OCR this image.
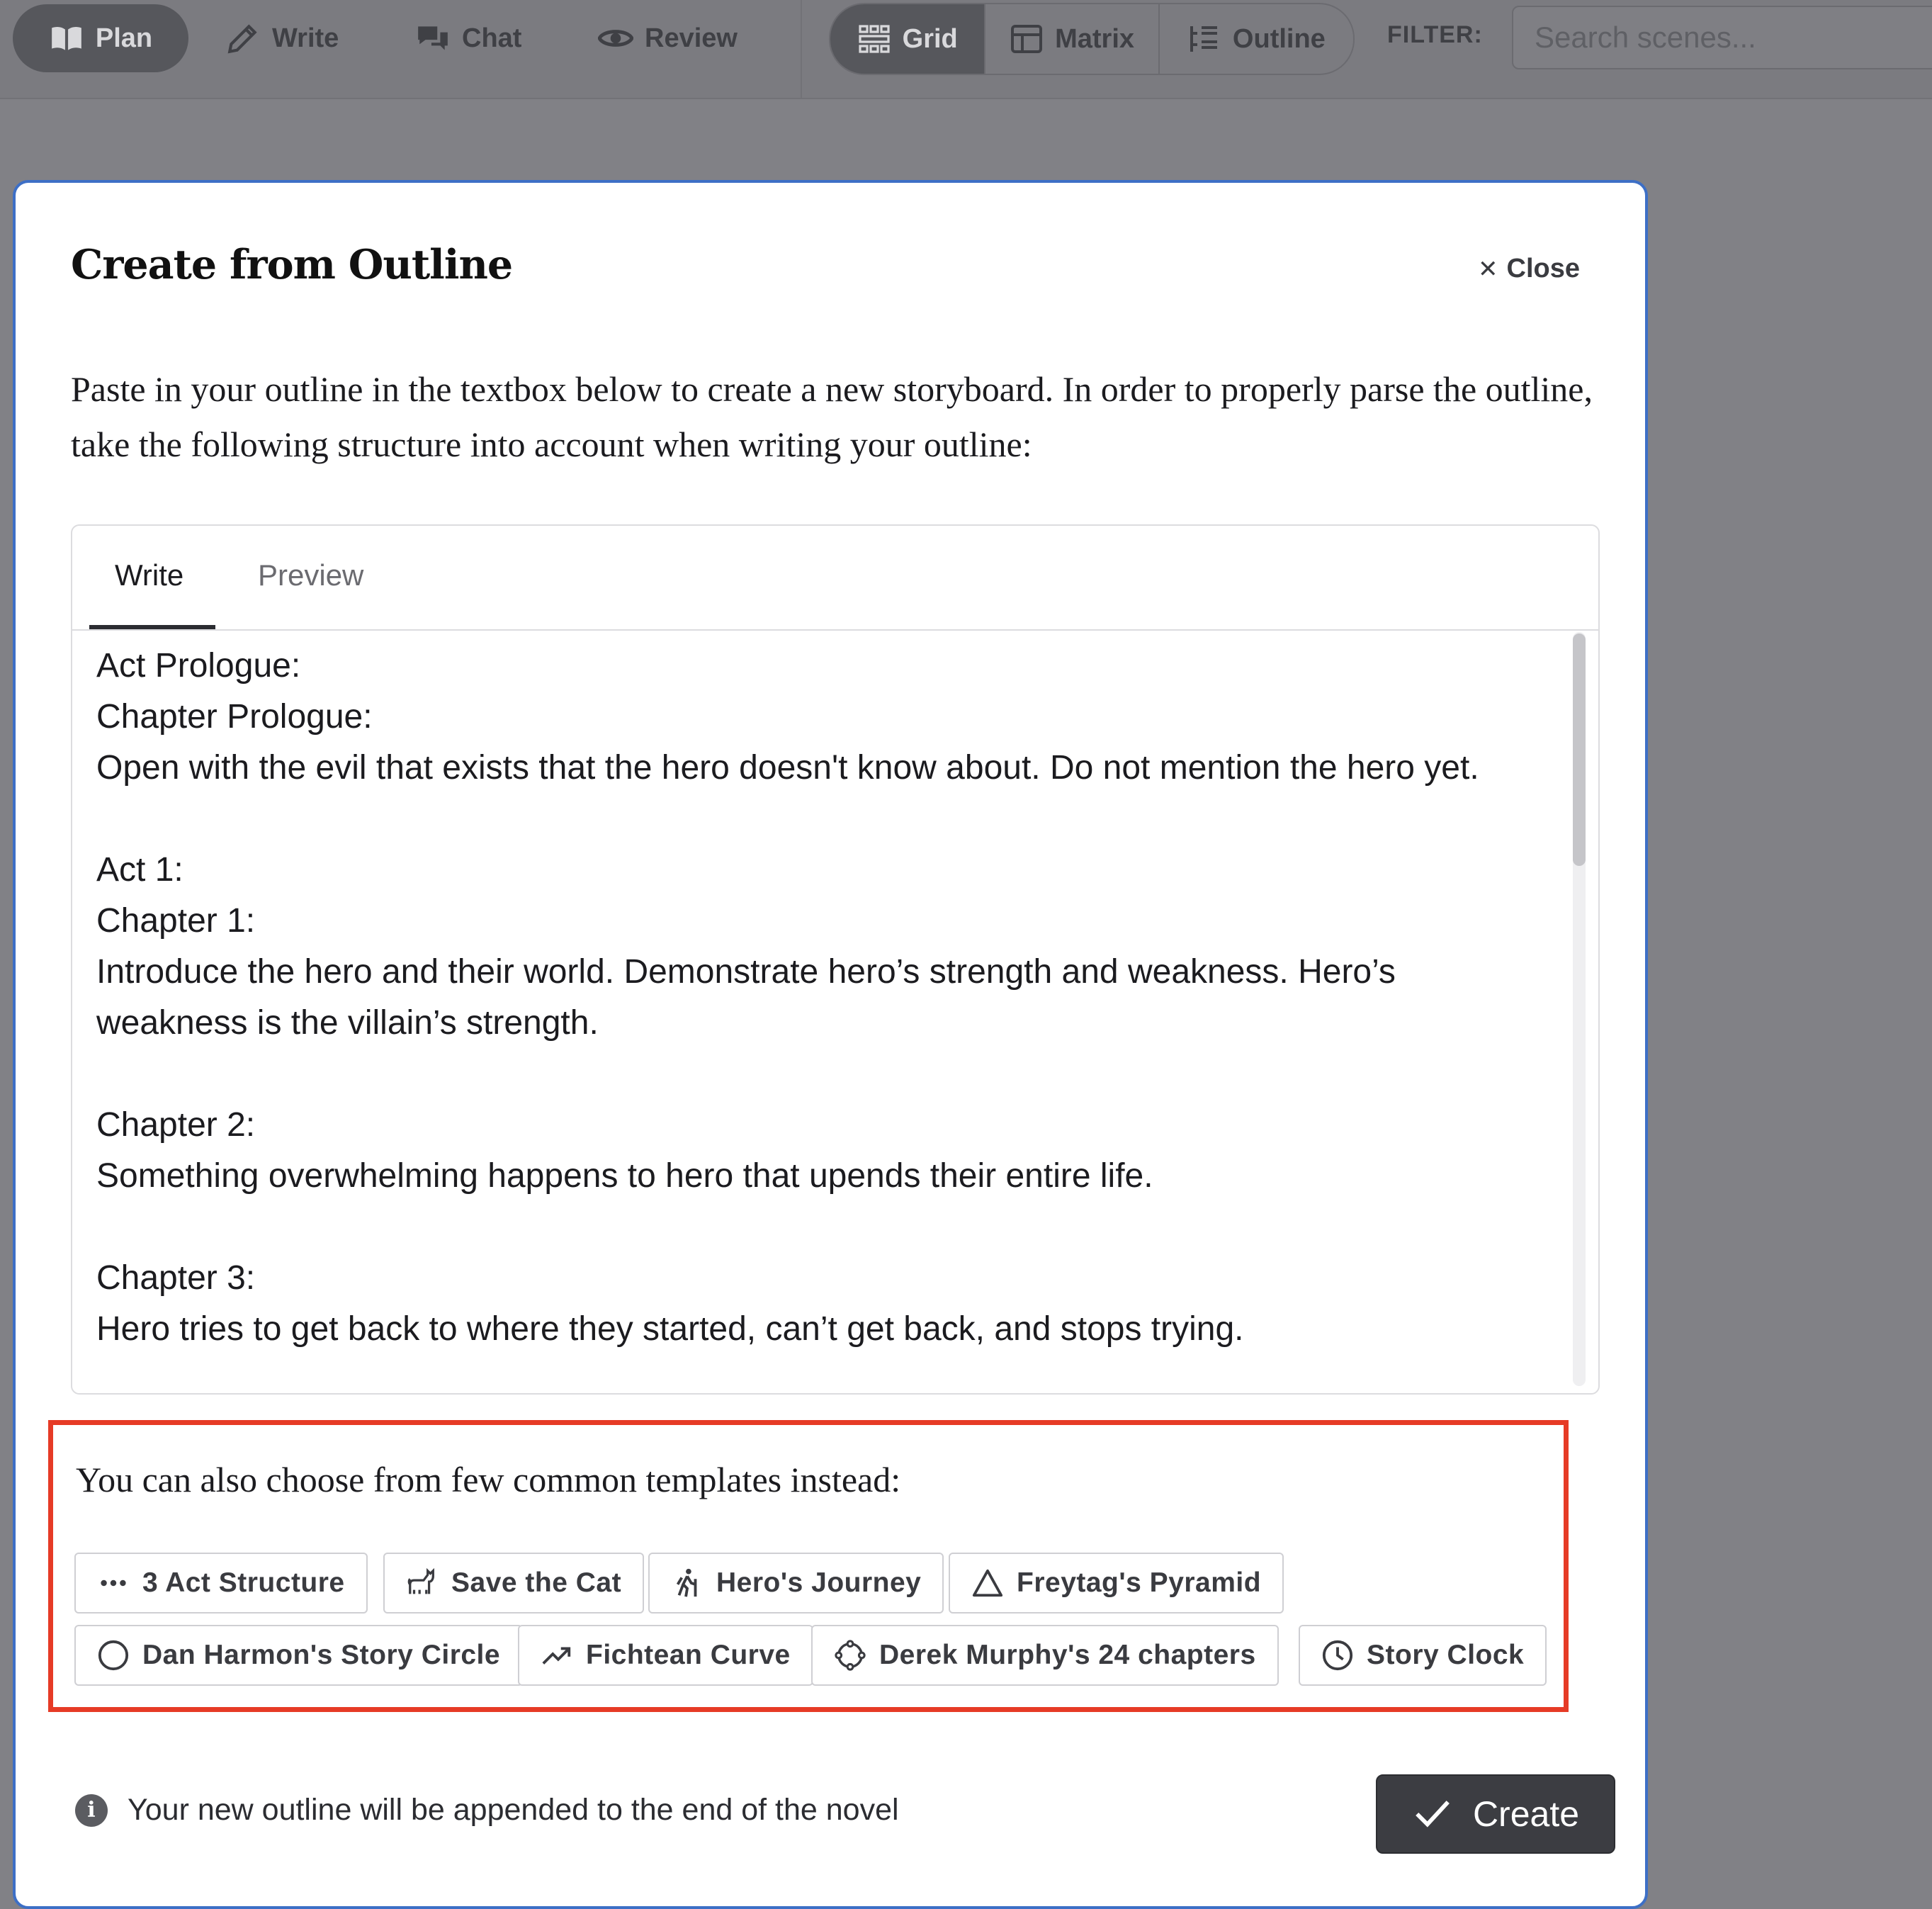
Plan	Write	Chat	Review	Grid	Matrix	Outline	FILTER:
Search scenes...
Create from Outline	✕ Close

Paste in your outline in the textbox below to create a new storyboard. In order to properly parse the outline, take the following structure into account when writing your outline:

Write Preview
Act Prologue:
Chapter Prologue:
Open with the evil that exists that the hero doesn't know about. Do not mention the hero yet.

Act 1:
Chapter 1:
Introduce the hero and their world. Demonstrate hero’s strength and weakness. Hero’s weakness is the villain’s strength.

Chapter 2:
Something overwhelming happens to hero that upends their entire life.

Chapter 3:
Hero tries to get back to where they started, can’t get back, and stops trying.

You can also choose from few common templates instead:

3 Act Structure	Save the Cat	Hero's Journey	Freytag's Pyramid
Dan Harmon's Story Circle	Fichtean Curve	Derek Murphy's 24 chapters	Story Clock
i	Your new outline will be appended to the end of the novel	Create
